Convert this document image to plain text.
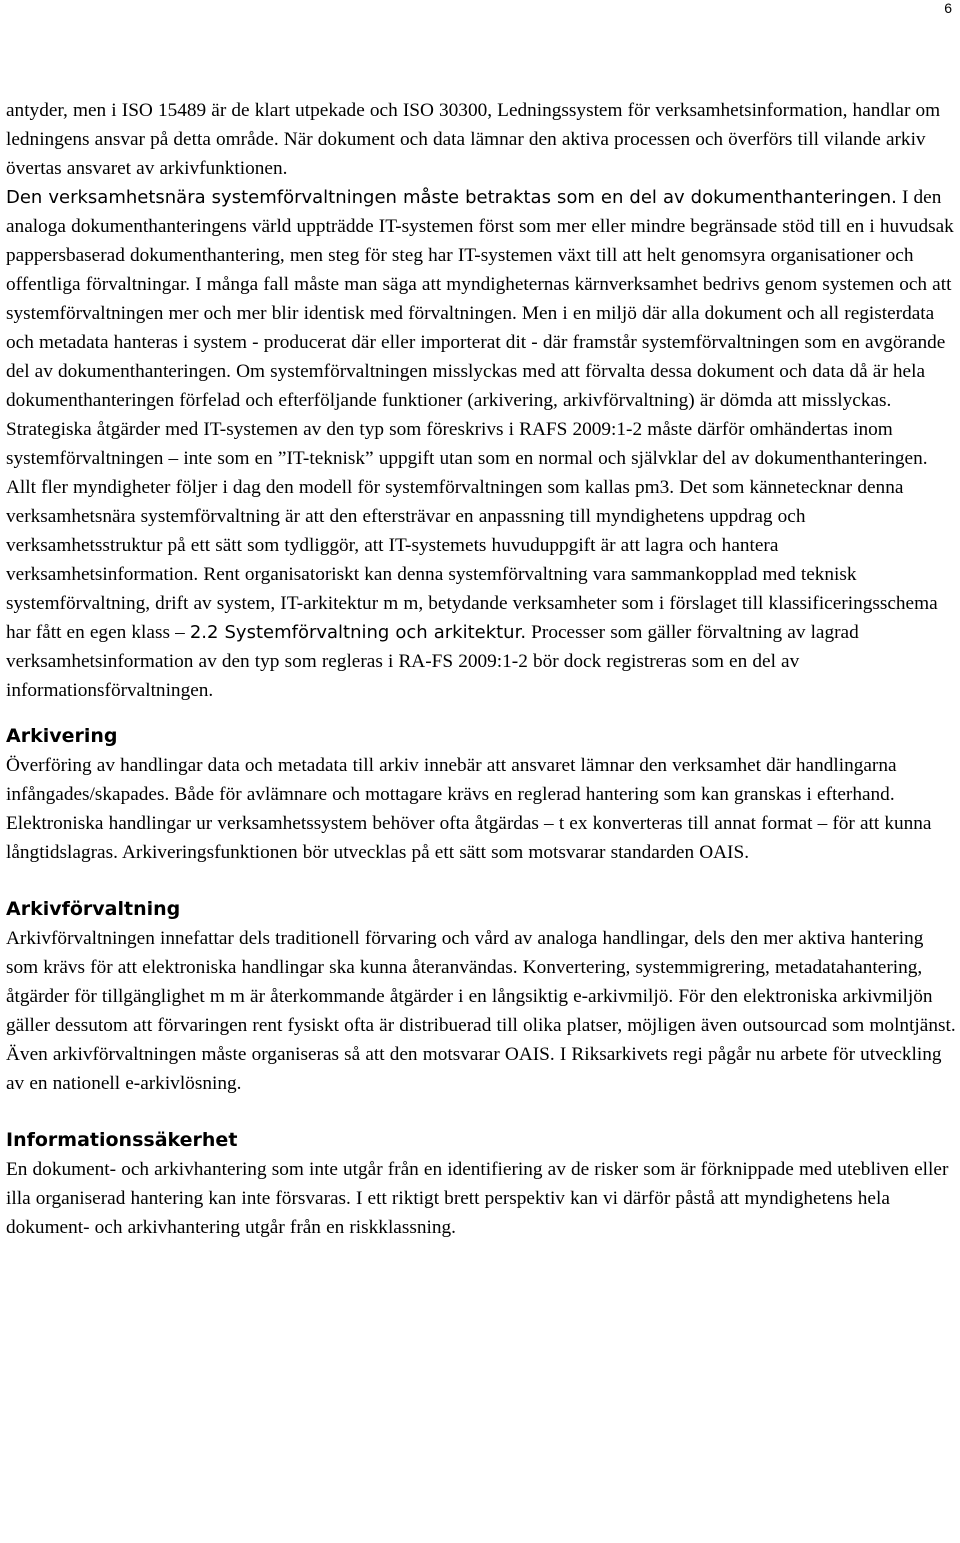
6

antyder, men i ISO 15489 är de klart utpekade och ISO 30300, Ledningssystem för verksamhetsinformation, handlar om ledningens ansvar på detta område. När dokument och data lämnar den aktiva processen och överförs till vilande arkiv övertas ansvaret av arkivfunktionen.

Den verksamhetsnära systemförvaltningen måste betraktas som en del av dokumenthanteringen. I den analoga dokumenthanteringens värld uppträdde IT-systemen först som mer eller mindre begränsade stöd till en i huvudsak pappersbaserad dokumenthantering, men steg för steg har IT-systemen växt till att helt genomsyra organisationer och offentliga förvaltningar. I många fall måste man säga att myndigheternas kärnverksamhet bedrivs genom systemen och att systemförvaltningen mer och mer blir identisk med förvaltningen. Men i en miljö där alla dokument och all registerdata och metadata hanteras i system - producerat där eller importerat dit - där framstår systemförvaltningen som en avgörande del av dokumenthanteringen. Om systemförvaltningen misslyckas med att förvalta dessa dokument och data då är hela dokumenthanteringen förfelad och efterföljande funktioner (arkivering, arkivförvaltning) är dömda att misslyckas.

Strategiska åtgärder med IT-systemen av den typ som föreskrivs i RAFS 2009:1-2 måste därför omhändertas inom systemförvaltningen – inte som en ”IT-teknisk” uppgift utan som en normal och självklar del av dokumenthanteringen.

Allt fler myndigheter följer i dag den modell för systemförvaltningen som kallas pm3. Det som kännetecknar denna verksamhetsnära systemförvaltning är att den eftersträvar en anpassning till myndighetens uppdrag och verksamhetsstruktur på ett sätt som tydliggör, att IT-systemets huvuduppgift är att lagra och hantera verksamhetsinformation. Rent organisatoriskt kan denna systemförvaltning vara sammankopplad med teknisk systemförvaltning, drift av system, IT-arkitektur m m, betydande verksamheter som i förslaget till klassificeringsschema har fått en egen klass – 2.2 Systemförvaltning och arkitektur. Processer som gäller förvaltning av lagrad verksamhetsinformation av den typ som regleras i RA-FS 2009:1-2 bör dock registreras som en del av informationsförvaltningen.

Arkivering

Överföring av handlingar data och metadata till arkiv innebär att ansvaret lämnar den verksamhet där handlingarna infångades/skapades. Både för avlämnare och mottagare krävs en reglerad hantering som kan granskas i efterhand. Elektroniska handlingar ur verksamhetssystem behöver ofta åtgärdas – t ex konverteras till annat format – för att kunna långtidslagras. Arkiveringsfunktionen bör utvecklas på ett sätt som motsvarar standarden OAIS.

Arkivförvaltning

Arkivförvaltningen innefattar dels traditionell förvaring och vård av analoga handlingar, dels den mer aktiva hantering som krävs för att elektroniska handlingar ska kunna återanvändas. Konvertering, systemmigrering, metadatahantering, åtgärder för tillgänglighet m m är återkommande åtgärder i en långsiktig e-arkivmiljö. För den elektroniska arkivmiljön gäller dessutom att förvaringen rent fysiskt ofta är distribuerad till olika platser, möjligen även outsourcad som molntjänst. Även arkivförvaltningen måste organiseras så att den motsvarar OAIS. I Riksarkivets regi pågår nu arbete för utveckling av en nationell e-arkivlösning.

Informationssäkerhet

En dokument- och arkivhantering som inte utgår från en identifiering av de risker som är förknippade med utebliven eller illa organiserad hantering kan inte försvaras. I ett riktigt brett perspektiv kan vi därför påstå att myndighetens hela dokument- och arkivhantering utgår från en riskklassning.
